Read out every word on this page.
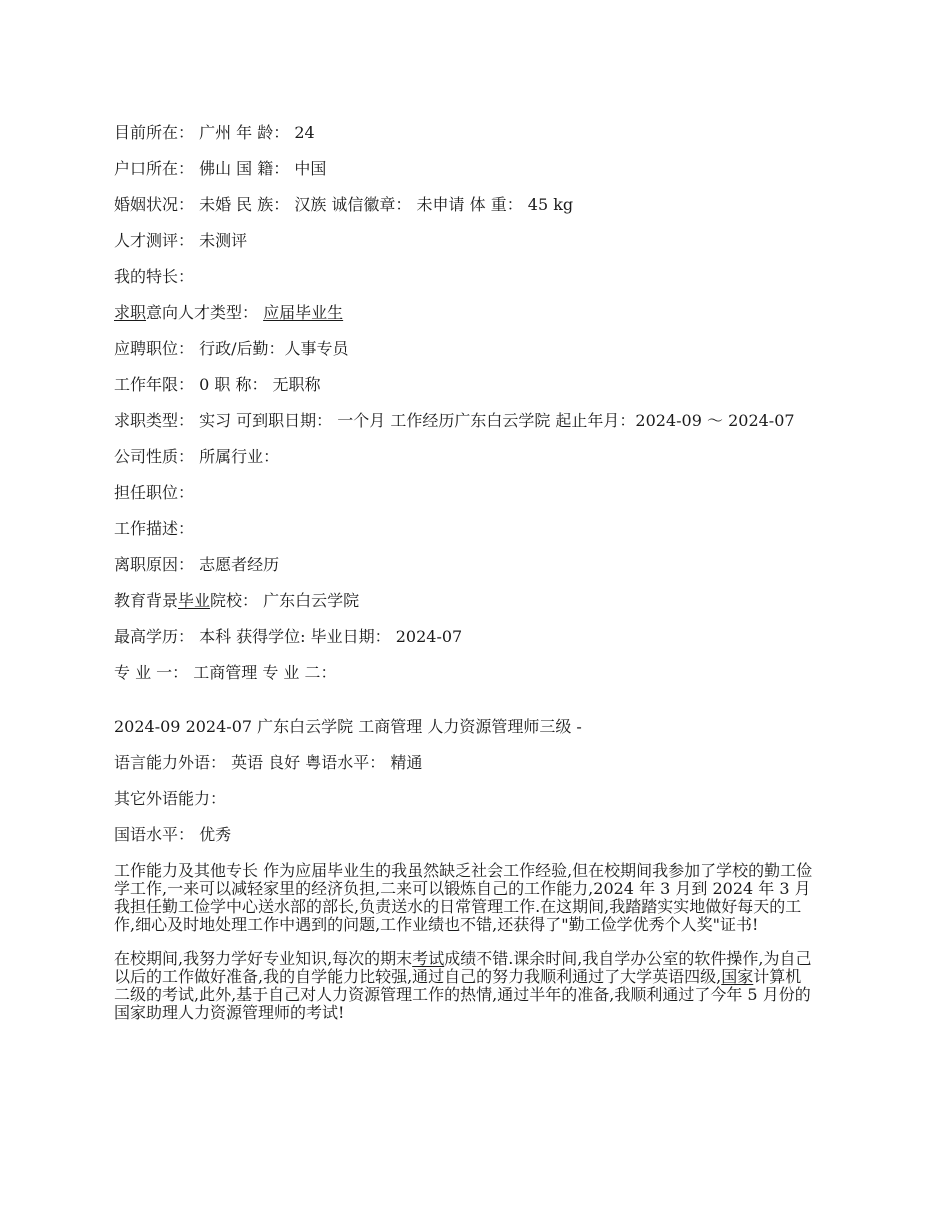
目前所在： 广州 年 龄： 24
户口所在： 佛山 国 籍： 中国
婚姻状况： 未婚 民 族： 汉族 诚信徽章： 未申请 体 重： 45 kg
人才测评： 未测评
我的特长：
求职意向人才类型： 应届毕业生
应聘职位： 行政/后勤：人事专员
工作年限： 0 职 称： 无职称
求职类型： 实习 可到职日期： 一个月 工作经历广东白云学院 起止年月：2024-09 ～ 2024-07
公司性质： 所属行业：
担任职位：
工作描述：
离职原因： 志愿者经历
教育背景毕业院校： 广东白云学院
最高学历： 本科 获得学位: 毕业日期： 2024-07
专 业 一： 工商管理 专 业 二：
2024-09 2024-07 广东白云学院 工商管理 人力资源管理师三级 -
语言能力外语： 英语 良好 粤语水平： 精通
其它外语能力：
国语水平： 优秀
工作能力及其他专长 作为应届毕业生的我虽然缺乏社会工作经验,但在校期间我参加了学校的勤工俭学工作,一来可以减轻家里的经济负担,二来可以锻炼自己的工作能力,2024 年 3 月到 2024 年 3 月我担任勤工俭学中心送水部的部长,负责送水的日常管理工作.在这期间,我踏踏实实地做好每天的工作,细心及时地处理工作中遇到的问题,工作业绩也不错,还获得了"勤工俭学优秀个人奖"证书!
在校期间,我努力学好专业知识,每次的期末考试成绩不错.课余时间,我自学办公室的软件操作,为自己以后的工作做好准备,我的自学能力比较强,通过自己的努力我顺利通过了大学英语四级,国家计算机二级的考试,此外,基于自己对人力资源管理工作的热情,通过半年的准备,我顺利通过了今年 5 月份的国家助理人力资源管理师的考试!
